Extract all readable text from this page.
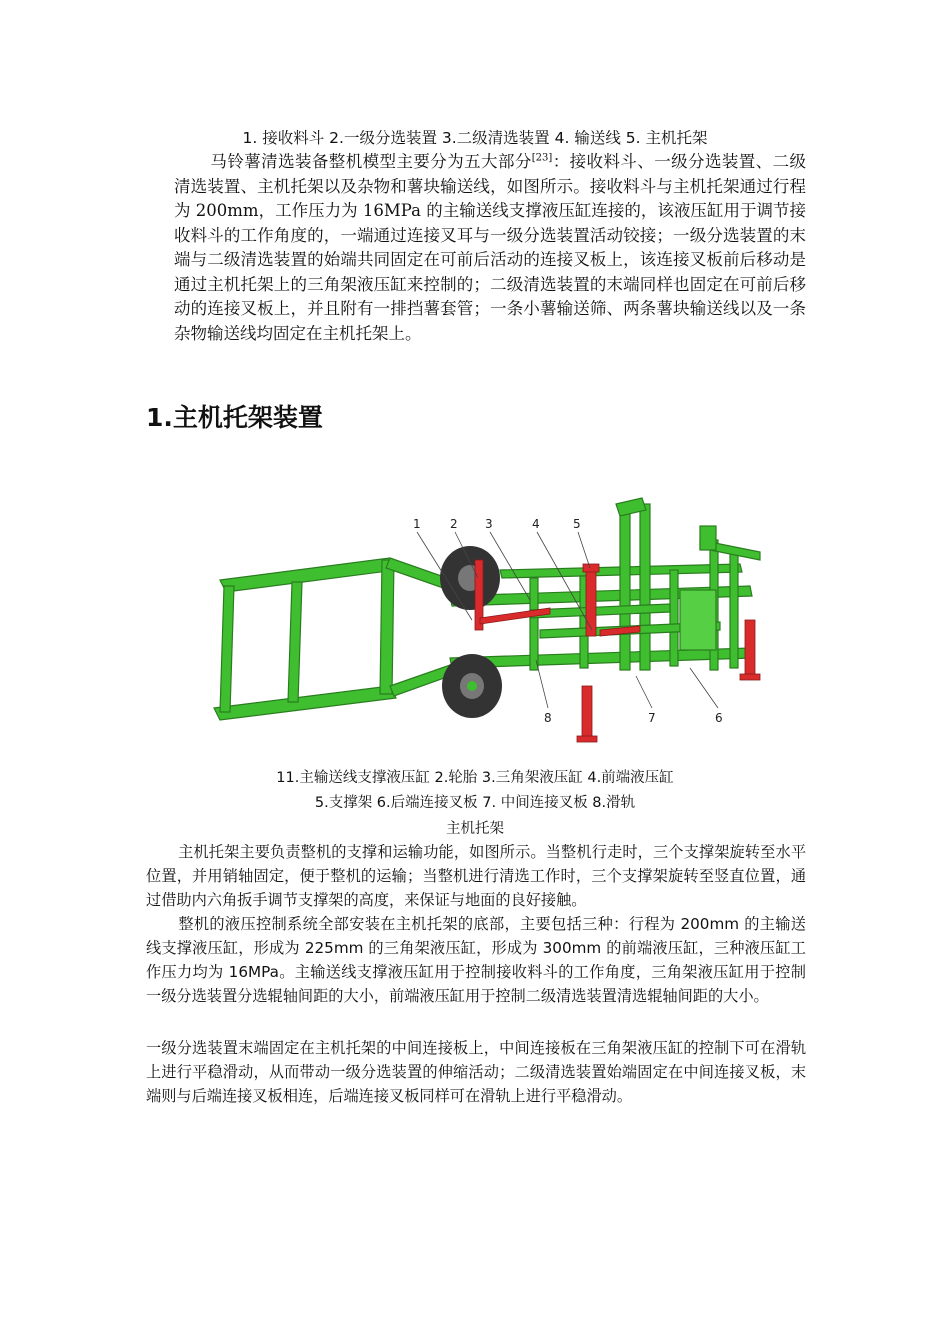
1. 接收料斗 2.一级分选装置 3.二级清选装置 4. 输送线 5. 主机托架
马铃薯清选装备整机模型主要分为五大部分[23]：接收料斗、一级分选装置、二级清选装置、主机托架以及杂物和薯块输送线，如图所示。接收料斗与主机托架通过行程为 200mm，工作压力为 16MPa 的主输送线支撑液压缸连接的，该液压缸用于调节接收料斗的工作角度的，一端通过连接叉耳与一级分选装置活动铰接；一级分选装置的末端与二级清选装置的始端共同固定在可前后活动的连接叉板上，该连接叉板前后移动是通过主机托架上的三角架液压缸来控制的；二级清选装置的末端同样也固定在可前后移动的连接叉板上，并且附有一排挡薯套管；一条小薯输送筛、两条薯块输送线以及一条杂物输送线均固定在主机托架上。
1.主机托架装置
1 2 3	4	5
8	7	6
11.主输送线支撑液压缸 2.轮胎 3.三角架液压缸 4.前端液压缸
5.支撑架 6.后端连接叉板 7. 中间连接叉板 8.滑轨
主机托架
主机托架主要负责整机的支撑和运输功能，如图所示。当整机行走时，三个支撑架旋转至水平位置，并用销轴固定，便于整机的运输；当整机进行清选工作时，三个支撑架旋转至竖直位置，通过借助内六角扳手调节支撑架的高度，来保证与地面的良好接触。
整机的液压控制系统全部安装在主机托架的底部，主要包括三种：行程为 200mm 的主输送线支撑液压缸，形成为 225mm 的三角架液压缸，形成为 300mm 的前端液压缸，三种液压缸工作压力均为 16MPa。主输送线支撑液压缸用于控制接收料斗的工作角度，三角架液压缸用于控制一级分选装置分选辊轴间距的大小，前端液压缸用于控制二级清选装置清选辊轴间距的大小。
一级分选装置末端固定在主机托架的中间连接板上，中间连接板在三角架液压缸的控制下可在滑轨上进行平稳滑动，从而带动一级分选装置的伸缩活动；二级清选装置始端固定在中间连接叉板，末端则与后端连接叉板相连，后端连接叉板同样可在滑轨上进行平稳滑动。
